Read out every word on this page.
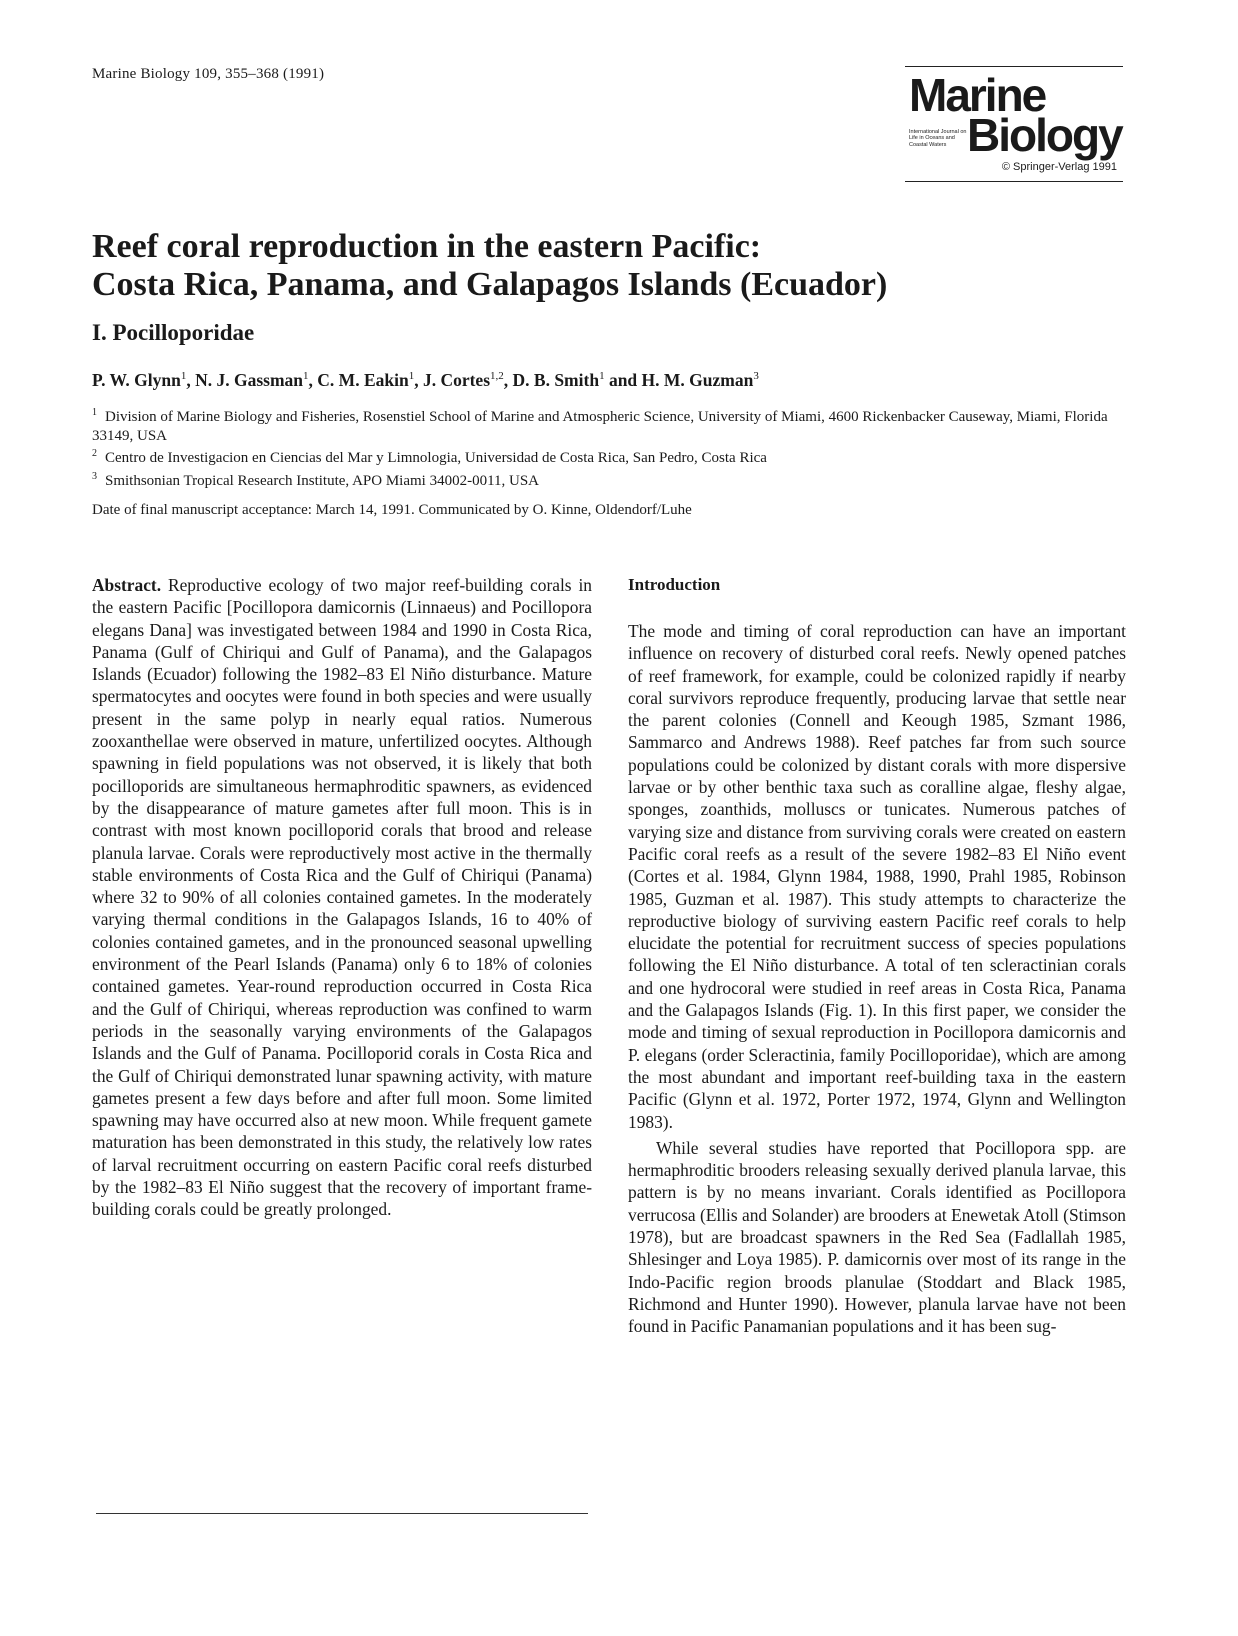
Marine Biology 109, 355–368 (1991)	Marine
International Journal on Life in Oceans and Coastal Waters Biology
© Springer-Verlag 1991
Reef coral reproduction in the eastern Pacific:
Costa Rica, Panama, and Galapagos Islands (Ecuador)
I. Pocilloporidae
P. W. Glynn$^1$, N. J. Gassman$^1$, C. M. Eakin$^1$, J. Cortes$^{1,2}$, D. B. Smith$^1$ and H. M. Guzman$^3$
$^1$ Division of Marine Biology and Fisheries, Rosenstiel School of Marine and Atmospheric Science, University of Miami, 4600 Rickenbacker Causeway, Miami, Florida 33149, USA
$^2$ Centro de Investigacion en Ciencias del Mar y Limnologia, Universidad de Costa Rica, San Pedro, Costa Rica
$^3$ Smithsonian Tropical Research Institute, APO Miami 34002-0011, USA
Date of final manuscript acceptance: March 14, 1991. Communicated by O. Kinne, Oldendorf/Luhe

Abstract. Reproductive ecology of two major reef-building corals in the eastern Pacific [Pocillopora damicornis (Linnaeus) and Pocillopora elegans Dana] was investigated between 1984 and 1990 in Costa Rica, Panama (Gulf of Chiriqui and Gulf of Panama), and the Galapagos Islands (Ecuador) following the 1982–83 El Niño disturbance. Mature spermatocytes and oocytes were found in both species and were usually present in the same polyp in nearly equal ratios. Numerous zooxanthellae were observed in mature, unfertilized oocytes. Although spawning in field populations was not observed, it is likely that both pocilloporids are simultaneous hermaphroditic spawners, as evidenced by the disappearance of mature gametes after full moon. This is in contrast with most known pocilloporid corals that brood and release planula larvae. Corals were reproductively most active in the thermally stable environments of Costa Rica and the Gulf of Chiriqui (Panama) where 32 to 90% of all colonies contained gametes. In the moderately varying thermal conditions in the Galapagos Islands, 16 to 40% of colonies contained gametes, and in the pronounced seasonal upwelling environment of the Pearl Islands (Panama) only 6 to 18% of colonies contained gametes. Year-round reproduction occurred in Costa Rica and the Gulf of Chiriqui, whereas reproduction was confined to warm periods in the seasonally varying environments of the Galapagos Islands and the Gulf of Panama. Pocilloporid corals in Costa Rica and the Gulf of Chiriqui demonstrated lunar spawning activity, with mature gametes present a few days before and after full moon. Some limited spawning may have occurred also at new moon. While frequent gamete maturation has been demonstrated in this study, the relatively low rates of larval recruitment occurring on eastern Pacific coral reefs disturbed by the 1982–83 El Niño suggest that the recovery of important frame-building corals could be greatly prolonged.

Introduction

The mode and timing of coral reproduction can have an important influence on recovery of disturbed coral reefs. Newly opened patches of reef framework, for example, could be colonized rapidly if nearby coral survivors reproduce frequently, producing larvae that settle near the parent colonies (Connell and Keough 1985, Szmant 1986, Sammarco and Andrews 1988). Reef patches far from such source populations could be colonized by distant corals with more dispersive larvae or by other benthic taxa such as coralline algae, fleshy algae, sponges, zoanthids, molluscs or tunicates. Numerous patches of varying size and distance from surviving corals were created on eastern Pacific coral reefs as a result of the severe 1982–83 El Niño event (Cortes et al. 1984, Glynn 1984, 1988, 1990, Prahl 1985, Robinson 1985, Guzman et al. 1987). This study attempts to characterize the reproductive biology of surviving eastern Pacific reef corals to help elucidate the potential for recruitment success of species populations following the El Niño disturbance. A total of ten scleractinian corals and one hydrocoral were studied in reef areas in Costa Rica, Panama and the Galapagos Islands (Fig. 1). In this first paper, we consider the mode and timing of sexual reproduction in Pocillopora damicornis and P. elegans (order Scleractinia, family Pocilloporidae), which are among the most abundant and important reef-building taxa in the eastern Pacific (Glynn et al. 1972, Porter 1972, 1974, Glynn and Wellington 1983).

While several studies have reported that Pocillopora spp. are hermaphroditic brooders releasing sexually derived planula larvae, this pattern is by no means invariant. Corals identified as Pocillopora verrucosa (Ellis and Solander) are brooders at Enewetak Atoll (Stimson 1978), but are broadcast spawners in the Red Sea (Fadlallah 1985, Shlesinger and Loya 1985). P. damicornis over most of its range in the Indo-Pacific region broods planulae (Stoddart and Black 1985, Richmond and Hunter 1990). However, planula larvae have not been found in Pacific Panamanian populations and it has been sug-
